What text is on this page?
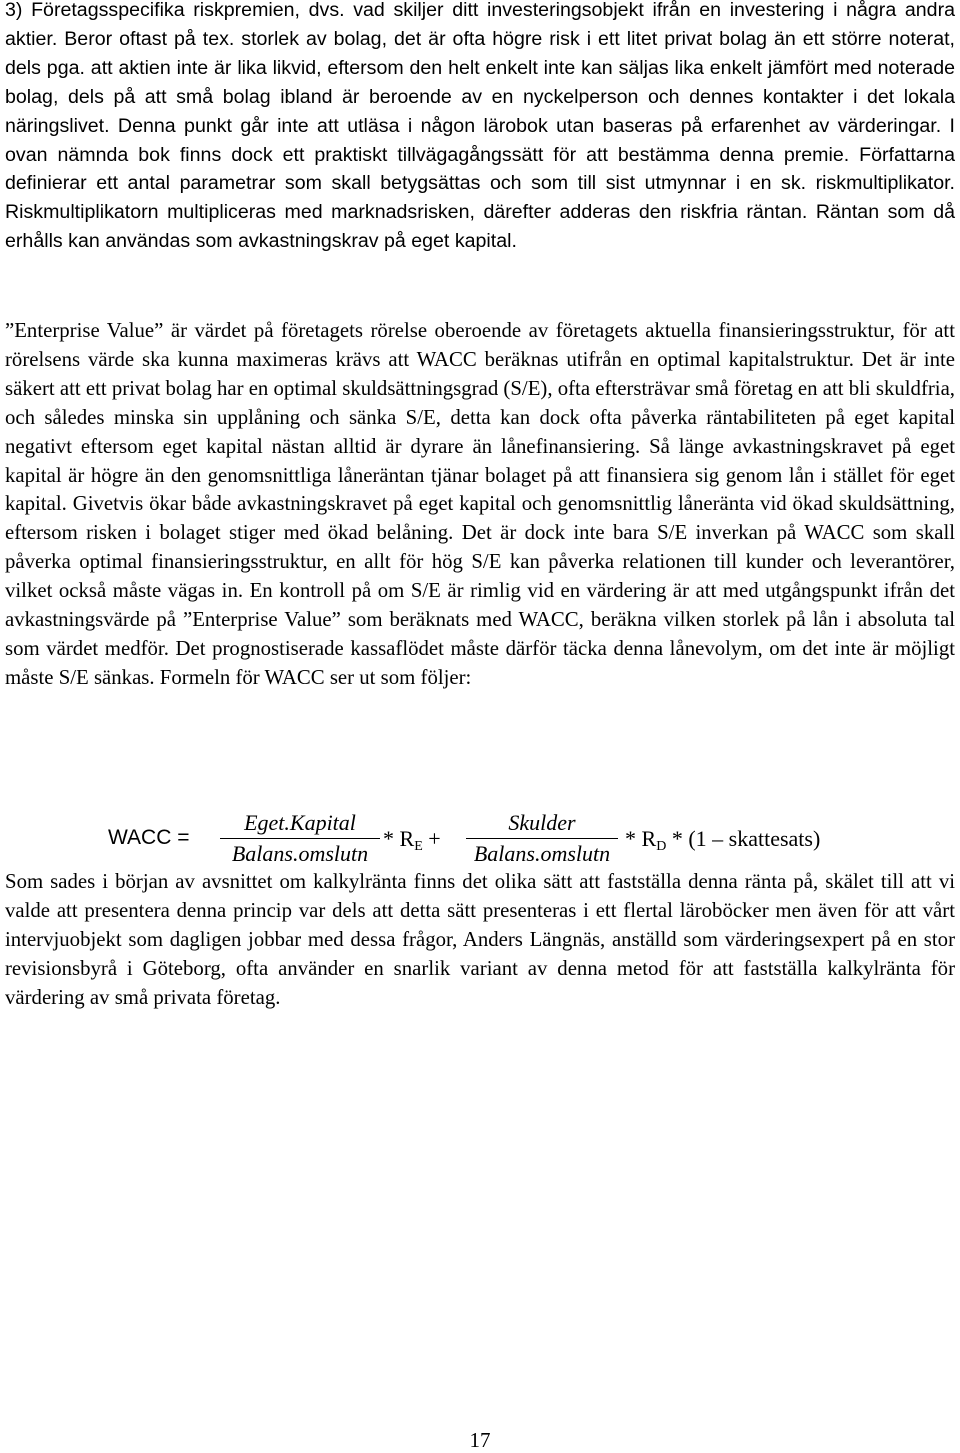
3) Företagsspecifika riskpremien, dvs. vad skiljer ditt investeringsobjekt ifrån en investering i några andra aktier. Beror oftast på tex. storlek av bolag, det är ofta högre risk i ett litet privat bolag än ett större noterat, dels pga. att aktien inte är lika likvid, eftersom den helt enkelt inte kan säljas lika enkelt jämfört med noterade bolag, dels på att små bolag ibland är beroende av en nyckelperson och dennes kontakter i det lokala näringslivet. Denna punkt går inte att utläsa i någon lärobok utan baseras på erfarenhet av värderingar. I ovan nämnda bok finns dock ett praktiskt tillvägagångssätt för att bestämma denna premie. Författarna definierar ett antal parametrar som skall betygsättas och som till sist utmynnar i en sk. riskmultiplikator. Riskmultiplikatorn multipliceras med marknadsrisken, därefter adderas den riskfria räntan. Räntan som då erhålls kan användas som avkastningskrav på eget kapital.

”Enterprise Value” är värdet på företagets rörelse oberoende av företagets aktuella finansieringsstruktur, för att rörelsens värde ska kunna maximeras krävs att WACC beräknas utifrån en optimal kapitalstruktur. Det är inte säkert att ett privat bolag har en optimal skuldsättningsgrad (S/E), ofta eftersträvar små företag en att bli skuldfria, och således minska sin upplåning och sänka S/E, detta kan dock ofta påverka räntabiliteten på eget kapital negativt eftersom eget kapital nästan alltid är dyrare än lånefinansiering. Så länge avkastningskravet på eget kapital är högre än den genomsnittliga låneräntan tjänar bolaget på att finansiera sig genom lån i stället för eget kapital. Givetvis ökar både avkastningskravet på eget kapital och genomsnittlig låneränta vid ökad skuldsättning, eftersom risken i bolaget stiger med ökad belåning. Det är dock inte bara S/E inverkan på WACC som skall påverka optimal finansieringsstruktur, en allt för hög S/E kan påverka relationen till kunder och leverantörer, vilket också måste vägas in. En kontroll på om S/E är rimlig vid en värdering är att med utgångspunkt ifrån det avkastningsvärde på ”Enterprise Value” som beräknats med WACC, beräkna vilken storlek på lån i absoluta tal som värdet medför. Det prognostiserade kassaflödet måste därför täcka denna lånevolym, om det inte är möjligt måste S/E sänkas. Formeln för WACC ser ut som följer:

WACC =
Eget.Kapital
Balans.omslutn
* $R_E$ +
Skulder
Balans.omslutn
* $R_D * (1$ – skattesats)

Som sades i början av avsnittet om kalkylränta finns det olika sätt att fastställa denna ränta på, skälet till att vi valde att presentera denna princip var dels att detta sätt presenteras i ett flertal läroböcker men även för att vårt intervjuobjekt som dagligen jobbar med dessa frågor, Anders Längnäs, anställd som värderingsexpert på en stor revisionsbyrå i Göteborg, ofta använder en snarlik variant av denna metod för att fastställa kalkylränta för värdering av små privata företag.

17
